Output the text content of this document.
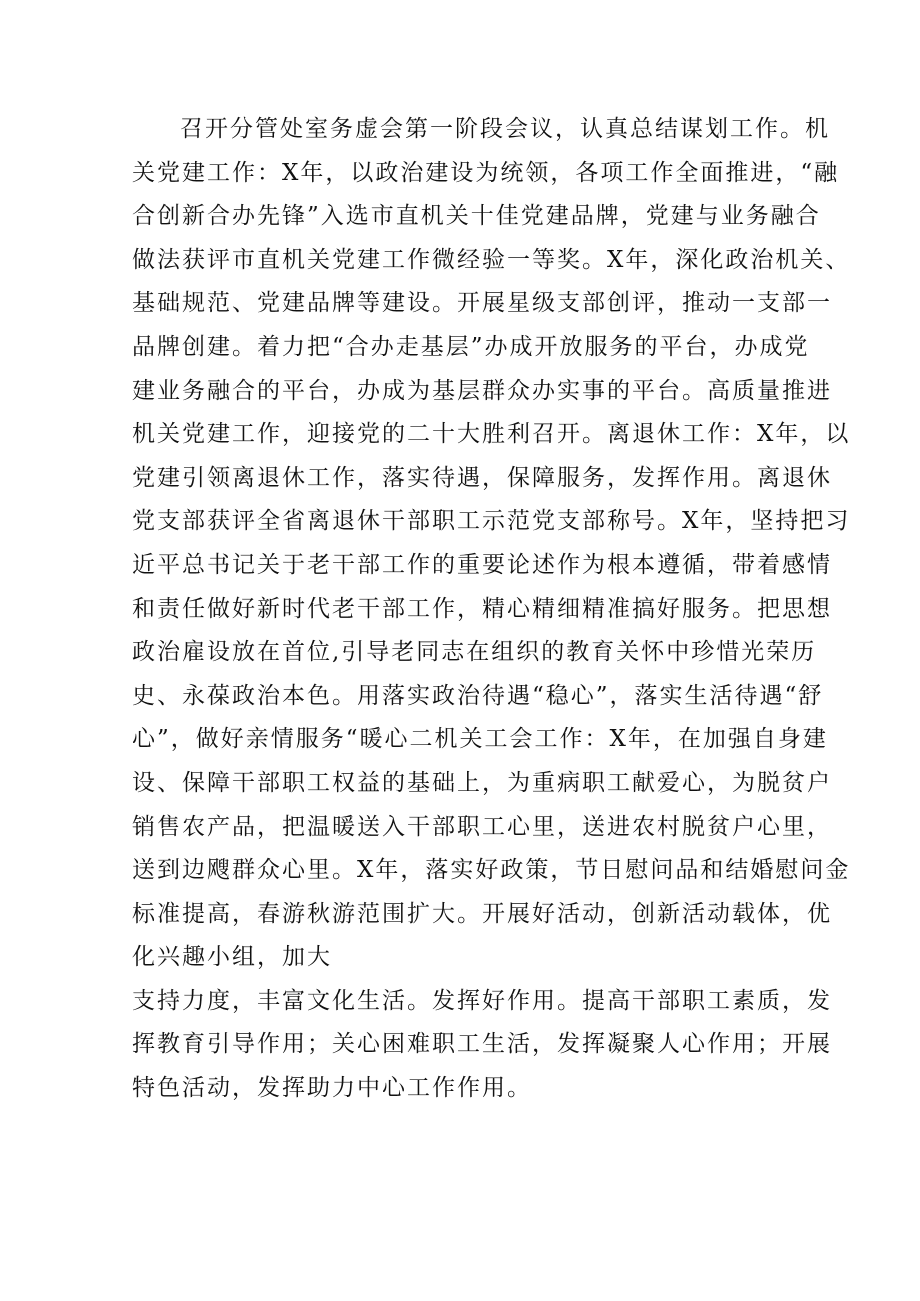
召开分管处室务虚会第一阶段会议，认真总结谋划工作。机
关党建工作：X年，以政治建设为统领，各项工作全面推进，“融
合创新合办先锋”入选市直机关十佳党建品牌，党建与业务融合
做法获评市直机关党建工作微经验一等奖。X年，深化政治机关、
基础规范、党建品牌等建设。开展星级支部创评，推动一支部一
品牌创建。着力把“合办走基层”办成开放服务的平台，办成党
建业务融合的平台，办成为基层群众办实事的平台。高质量推进
机关党建工作，迎接党的二十大胜利召开。离退休工作：X年，以
党建引领离退休工作，落实待遇，保障服务，发挥作用。离退休
党支部获评全省离退休干部职工示范党支部称号。X年，坚持把习
近平总书记关于老干部工作的重要论述作为根本遵循，带着感情
和责任做好新时代老干部工作，精心精细精准搞好服务。把思想
政治雇设放在首位,引导老同志在组织的教育关怀中珍惜光荣历
史、永葆政治本色。用落实政治待遇“稳心”，落实生活待遇“舒
心”，做好亲情服务“暖心二机关工会工作：X年，在加强自身建
设、保障干部职工权益的基础上，为重病职工献爱心，为脱贫户
销售农产品，把温暖送入干部职工心里，送进农村脱贫户心里，
送到边飕群众心里。X年，落实好政策，节日慰问品和结婚慰问金
标准提高，春游秋游范围扩大。开展好活动，创新活动载体，优
化兴趣小组，加大
支持力度，丰富文化生活。发挥好作用。提高干部职工素质，发
挥教育引导作用；关心困难职工生活，发挥凝聚人心作用；开展
特色活动，发挥助力中心工作作用。
